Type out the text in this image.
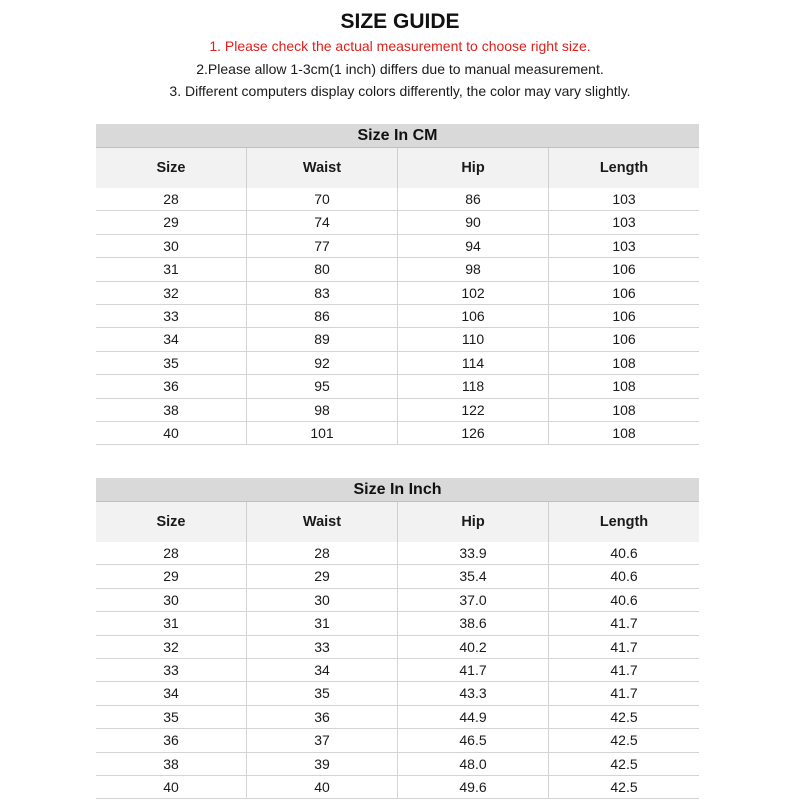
SIZE GUIDE
1. Please check the actual measurement to choose right size.
2.Please allow 1-3cm(1 inch) differs due to manual measurement.
3. Different computers display colors differently, the color may vary slightly.
Size In CM
Size	Waist	Hip	Length
28	70	86	103
29	74	90	103
30	77	94	103
31	80	98	106
32	83	102	106
33	86	106	106
34	89	110	106
35	92	114	108
36	95	118	108
38	98	122	108
40	101	126	108
Size In Inch
Size	Waist	Hip	Length
28	28	33.9	40.6
29	29	35.4	40.6
30	30	37.0	40.6
31	31	38.6	41.7
32	33	40.2	41.7
33	34	41.7	41.7
34	35	43.3	41.7
35	36	44.9	42.5
36	37	46.5	42.5
38	39	48.0	42.5
40	40	49.6	42.5
